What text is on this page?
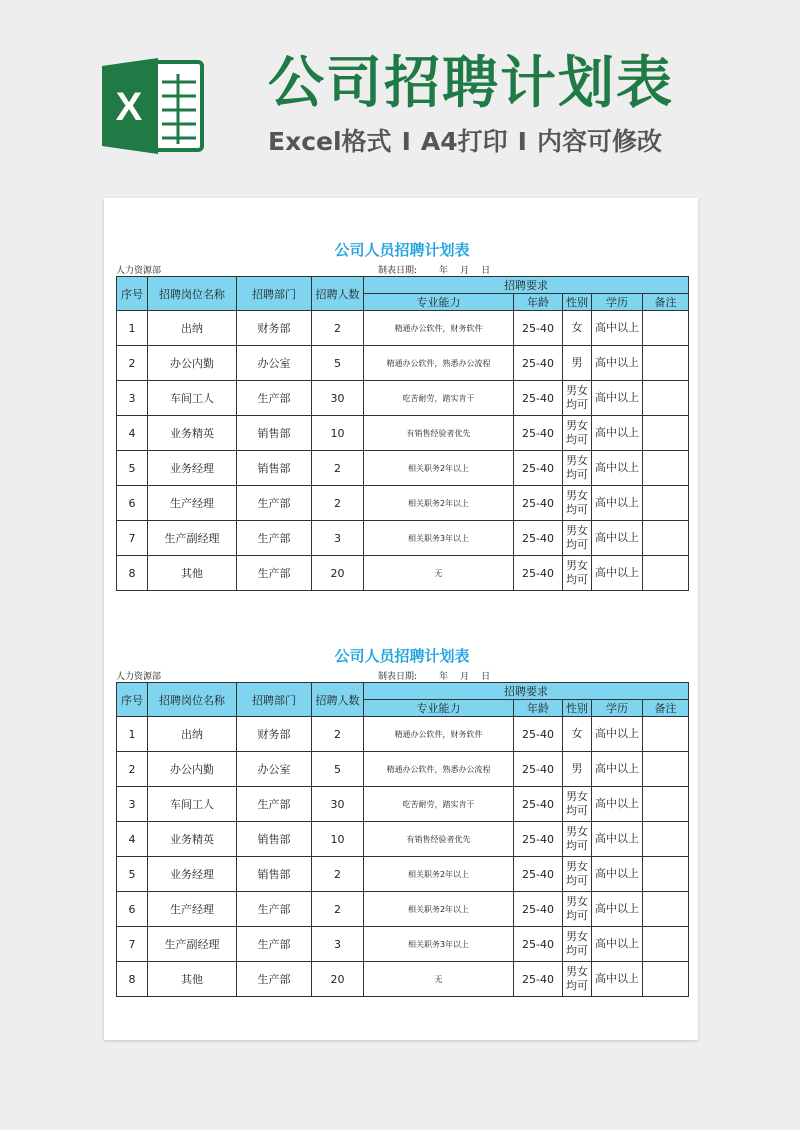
X 公司招聘计划表
Excel格式 I A4打印 I 内容可修改
公司人员招聘计划表
人力资源部	制表日期: 年 月 日
序号	招聘岗位名称	招聘部门	招聘人数	招聘要求				
				专业能力	年龄	性别	学历	备注
1	出纳	财务部	2	精通办公软件，财务软件	25-40	女	高中以上	
2	办公内勤	办公室	5	精通办公软件，熟悉办公流程	25-40	男	高中以上	
3	车间工人	生产部	30	吃苦耐劳，踏实肯干	25-40	男女均可	高中以上	
4	业务精英	销售部	10	有销售经验者优先	25-40	男女均可	高中以上	
5	业务经理	销售部	2	相关职务2年以上	25-40	男女均可	高中以上	
6	生产经理	生产部	2	相关职务2年以上	25-40	男女均可	高中以上	
7	生产副经理	生产部	3	相关职务3年以上	25-40	男女均可	高中以上	
8	其他	生产部	20	无	25-40	男女均可	高中以上	
公司人员招聘计划表
人力资源部	制表日期: 年 月 日
序号	招聘岗位名称	招聘部门	招聘人数	招聘要求				
				专业能力	年龄	性别	学历	备注
1	出纳	财务部	2	精通办公软件，财务软件	25-40	女	高中以上	
2	办公内勤	办公室	5	精通办公软件，熟悉办公流程	25-40	男	高中以上	
3	车间工人	生产部	30	吃苦耐劳，踏实肯干	25-40	男女均可	高中以上	
4	业务精英	销售部	10	有销售经验者优先	25-40	男女均可	高中以上	
5	业务经理	销售部	2	相关职务2年以上	25-40	男女均可	高中以上	
6	生产经理	生产部	2	相关职务2年以上	25-40	男女均可	高中以上	
7	生产副经理	生产部	3	相关职务3年以上	25-40	男女均可	高中以上	
8	其他	生产部	20	无	25-40	男女均可	高中以上	
